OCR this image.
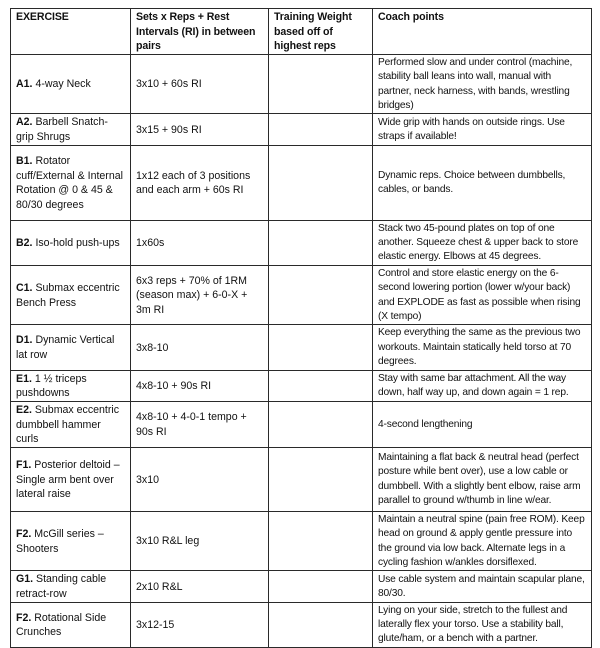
EXERCISE	Sets x Reps + Rest Intervals (RI) in between pairs	Training Weight based off of highest reps	Coach points
A1. 4-way Neck	3x10 + 60s RI		Performed slow and under control (machine, stability ball leans into wall, manual with partner, neck harness, with bands, wrestling bridges)
A2. Barbell Snatch-grip Shrugs	3x15 + 90s RI		Wide grip with hands on outside rings. Use straps if available!
B1. Rotator cuff/External & Internal Rotation @ 0 & 45 & 80/30 degrees	1x12 each of 3 positions and each arm + 60s RI		Dynamic reps. Choice between dumbbells, cables, or bands.
B2. Iso-hold push-ups	1x60s		Stack two 45-pound plates on top of one another. Squeeze chest & upper back to store elastic energy. Elbows at 45 degrees.
C1. Submax eccentric Bench Press	6x3 reps + 70% of 1RM (season max) + 6-0-X + 3m RI		Control and store elastic energy on the 6-second lowering portion (lower w/your back) and EXPLODE as fast as possible when rising (X tempo)
D1. Dynamic Vertical lat row	3x8-10		Keep everything the same as the previous two workouts. Maintain statically held torso at 70 degrees.
E1. 1 ½ triceps pushdowns	4x8-10 + 90s RI		Stay with same bar attachment. All the way down, half way up, and down again = 1 rep.
E2. Submax eccentric dumbbell hammer curls	4x8-10 + 4-0-1 tempo + 90s RI		4-second lengthening
F1. Posterior deltoid – Single arm bent over lateral raise	3x10		Maintaining a flat back & neutral head (perfect posture while bent over), use a low cable or dumbbell. With a slightly bent elbow, raise arm parallel to ground w/thumb in line w/ear.
F2. McGill series – Shooters	3x10 R&L leg		Maintain a neutral spine (pain free ROM). Keep head on ground & apply gentle pressure into the ground via low back. Alternate legs in a cycling fashion w/ankles dorsiflexed.
G1. Standing cable retract-row	2x10 R&L		Use cable system and maintain scapular plane, 80/30.
F2. Rotational Side Crunches	3x12-15		Lying on your side, stretch to the fullest and laterally flex your torso. Use a stability ball, glute/ham, or a bench with a partner.
